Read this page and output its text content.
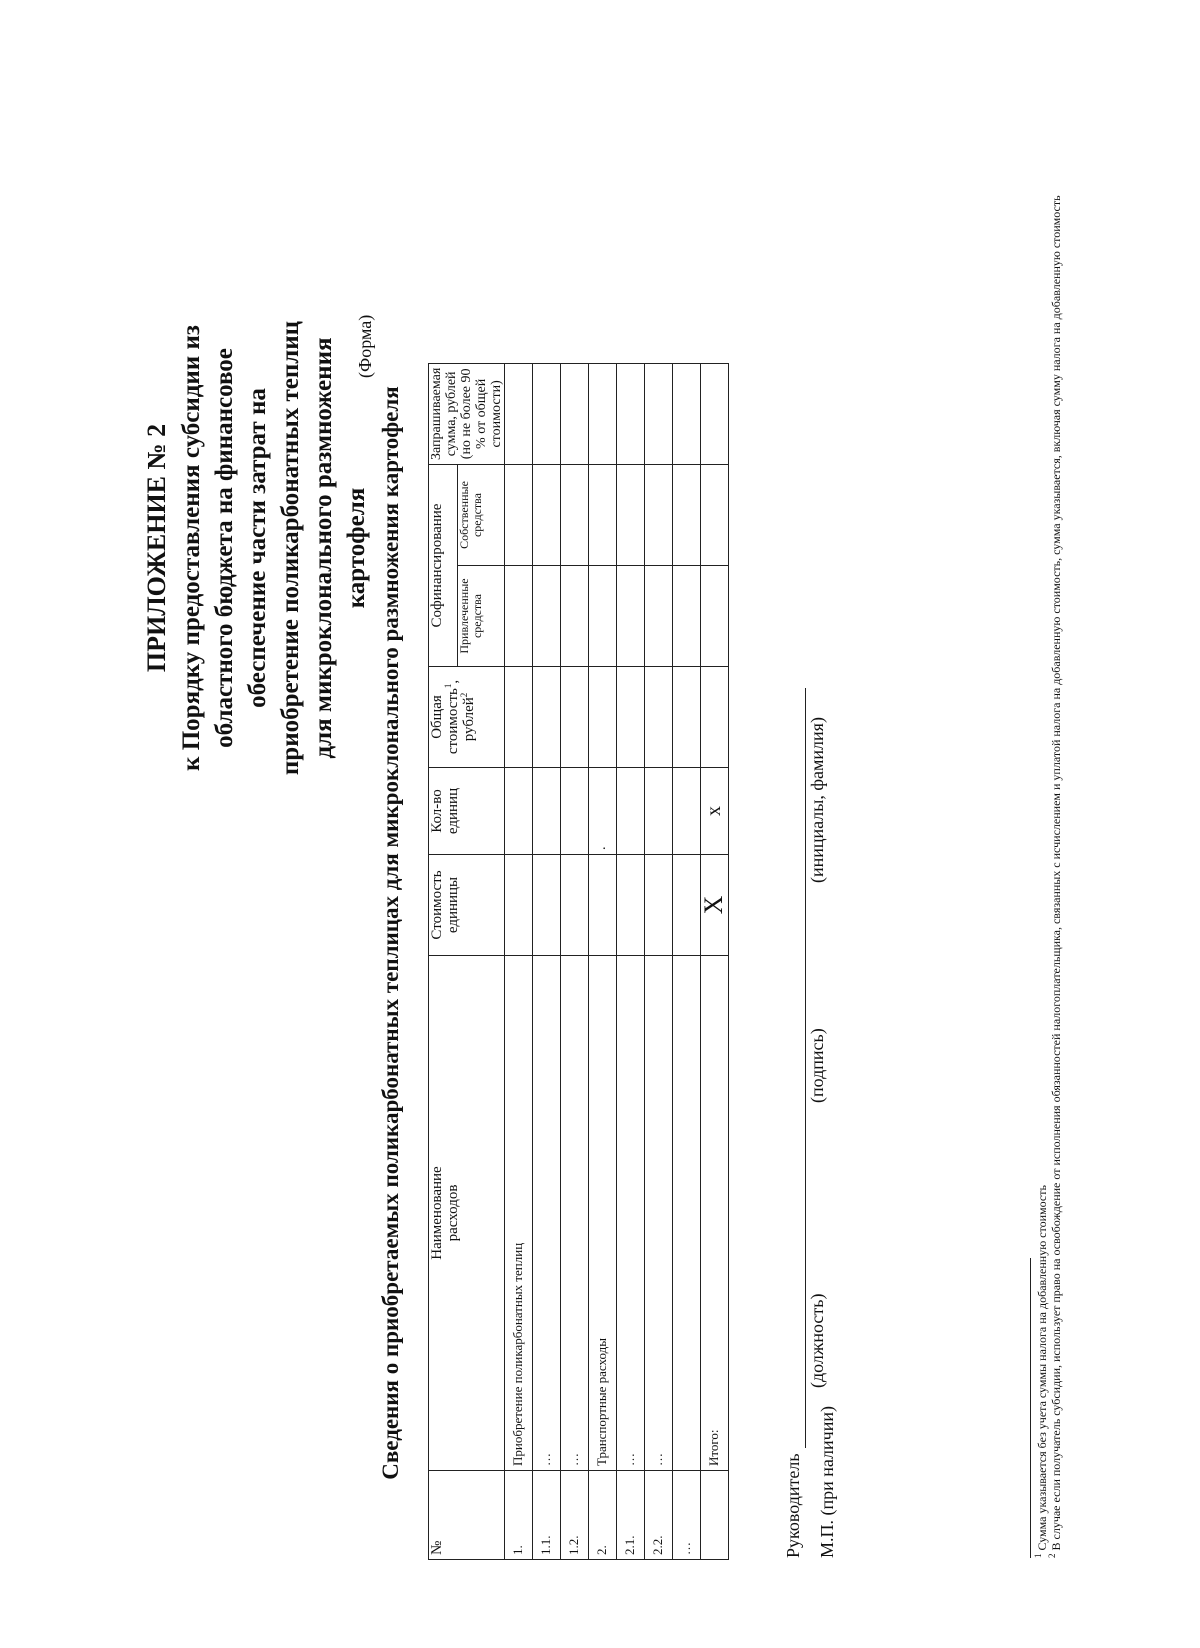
ПРИЛОЖЕНИЕ № 2 к Порядку предоставления субсидии из областного бюджета на финансовое обеспечение части затрат на приобретение поликарбонатных теплиц для микроклонального размножения картофеля
(Форма)
Сведения о приобретаемых поликарбонатных теплицах для микроклонального размножения картофеля
№	Наименование расходов	Стоимость единицы	Кол-во единиц	Общая стоимость$^1$, рублей$^2$	Софинансирование		Запрашиваемая сумма, рублей (но не более 90 % от общей стоимости)
					Привлеченные средства	Собственные средства	
1.	Приобретение поликарбонатных теплиц						
1.1.	…						
1.2.	…						
2.	Транспортные расходы		.				
2.1.	…						
2.2.	…						
…							
	Итого:	X	x				
Руководитель
(должность)
(подпись)
(инициалы, фамилия)
М.П. (при наличии)	$^1$ Сумма указывается без учета суммы налога на добавленную стоимость
$^2$ В случае если получатель субсидии, использует право на освобождение от исполнения обязанностей налогоплательщика, связанных с исчислением и уплатой налога на добавленную стоимость, сумма указывается, включая сумму налога на добавленную стоимость
